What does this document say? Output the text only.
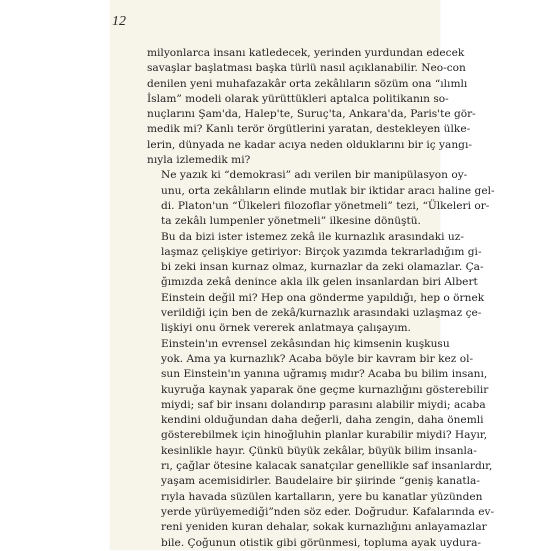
12

milyonlarca insanı katledecek, yerinden yurdundan edecek
savaşlar başlatması başka türlü nasıl açıklanabilir. Neo-con
denilen yeni muhafazakâr orta zekâlıların sözüm ona “ılımlı
İslam” modeli olarak yürüttükleri aptalca politikanın so-
nuçlarını Şam'da, Halep'te, Suruç'ta, Ankara'da, Paris'te gör-
medik mi? Kanlı terör örgütlerini yaratan, destekleyen ülke-
lerin, dünyada ne kadar acıya neden olduklarını bir iç yangı-
nıyla izlemedik mi?

Ne yazık ki “demokrasi” adı verilen bir manipülasyon oy-
unu, orta zekâlıların elinde mutlak bir iktidar aracı haline gel-
di. Platon'un “Ülkeleri filozoflar yönetmeli” tezi, “Ülkeleri or-
ta zekâlı lumpenler yönetmeli” ilkesine dönüştü.

Bu da bizi ister istemez zekâ ile kurnazlık arasındaki uz-
laşmaz çelişkiye getiriyor: Birçok yazımda tekrarladığım gi-
bi zeki insan kurnaz olmaz, kurnazlar da zeki olamazlar. Ça-
ğımızda zekâ denince akla ilk gelen insanlardan biri Albert
Einstein değil mi? Hep ona gönderme yapıldığı, hep o örnek
verildiği için ben de zekâ/kurnazlık arasındaki uzlaşmaz çe-
lişkiyi onu örnek vererek anlatmaya çalışayım.

Einstein'ın evrensel zekâsından hiç kimsenin kuşkusu
yok. Ama ya kurnazlık? Acaba böyle bir kavram bir kez ol-
sun Einstein'ın yanına uğramış mıdır? Acaba bu bilim insanı,
kuyruğa kaynak yaparak öne geçme kurnazlığını gösterebilir
miydi; saf bir insanı dolandırıp parasını alabilir miydi; acaba
kendini olduğundan daha değerli, daha zengin, daha önemli
gösterebilmek için hinoğluhin planlar kurabilir miydi? Hayır,
kesinlikle hayır. Çünkü büyük zekâlar, büyük bilim insanla-
rı, çağlar ötesine kalacak sanatçılar genellikle saf insanlardır,
yaşam acemisidirler. Baudelaire bir şiirinde “geniş kanatla-
rıyla havada süzülen kartalların, yere bu kanatlar yüzünden
yerde yürüyemediği”nden söz eder. Doğrudur. Kafalarında ev-
reni yeniden kuran dehalar, sokak kurnazlığını anlayamazlar
bile. Çoğunun otistik gibi görünmesi, topluma ayak uydura-
